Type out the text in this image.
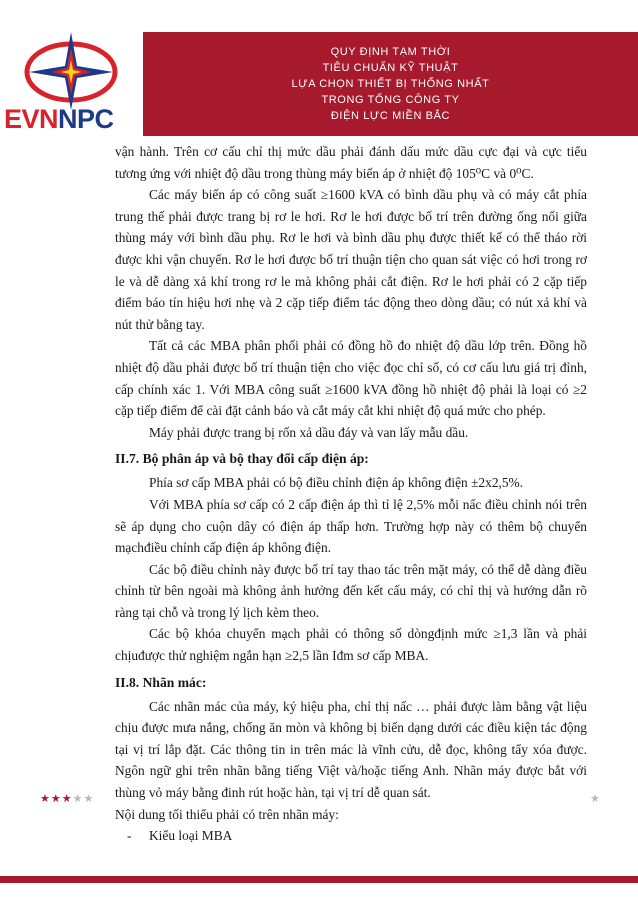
EVNNPC
QUY ĐỊNH TẠM THỜI
TIÊU CHUẨN KỸ THUẬT
LỰA CHỌN THIẾT BỊ THỐNG NHẤT
TRONG TỔNG CÔNG TY
ĐIỆN LỰC MIỀN BẮC

vận hành. Trên cơ cấu chỉ thị mức dầu phải đánh dấu mức dầu cực đại và cực tiểu tương ứng với nhiệt độ dầu trong thùng máy biến áp ở nhiệt độ 105⁰C và 0⁰C.

Các máy biến áp có công suất ≥1600 kVA có bình dầu phụ và có máy cắt phía trung thế phải được trang bị rơ le hơi. Rơ le hơi được bố trí trên đường ống nối giữa thùng máy với bình dầu phụ. Rơ le hơi và bình dầu phụ được thiết kế có thể tháo rời được khi vận chuyển. Rơ le hơi được bố trí thuận tiện cho quan sát việc có hơi trong rơ le và dễ dàng xả khí trong rơ le mà không phải cắt điện. Rơ le hơi phải có 2 cặp tiếp điểm báo tín hiệu hơi nhẹ và 2 cặp tiếp điểm tác động theo dòng dầu; có nút xả khí và nút thử bằng tay.

Tất cả các MBA phân phối phải có đồng hồ đo nhiệt độ dầu lớp trên. Đồng hồ nhiệt độ dầu phải được bố trí thuận tiện cho việc đọc chỉ số, có cơ cấu lưu giá trị đỉnh, cấp chính xác 1. Với MBA công suất ≥1600 kVA đồng hồ nhiệt độ phải là loại có ≥2 cặp tiếp điểm để cài đặt cảnh báo và cắt máy cắt khi nhiệt độ quá mức cho phép.

Máy phải được trang bị rốn xả dầu đáy và van lấy mẫu dầu.

II.7. Bộ phân áp và bộ thay đổi cấp điện áp:

Phía sơ cấp MBA phải có bộ điều chỉnh điện áp không điện ±2x2,5%.

Với MBA phía sơ cấp có 2 cấp điện áp thì tỉ lệ 2,5% mỗi nấc điều chỉnh nói trên sẽ áp dụng cho cuộn dây có điện áp thấp hơn. Trường hợp này có thêm bộ chuyển mạchđiều chỉnh cấp điện áp không điện.

Các bộ điều chỉnh này được bố trí tay thao tác trên mặt máy, có thể dễ dàng điều chỉnh từ bên ngoài mà không ảnh hưởng đến kết cấu máy, có chỉ thị và hướng dẫn rõ ràng tại chỗ và trong lý lịch kèm theo.

Các bộ khóa chuyển mạch phải có thông số dòngđịnh mức ≥1,3 lần và phải chịuđược thử nghiệm ngắn hạn ≥2,5 lần Iđm sơ cấp MBA.

II.8. Nhãn mác:

Các nhãn mác của máy, ký hiệu pha, chỉ thị nấc … phải được làm bằng vật liệu chịu được mưa nắng, chống ăn mòn và không bị biến dạng dưới các điều kiện tác động tại vị trí lắp đặt. Các thông tin in trên mác là vĩnh cửu, dễ đọc, không tẩy xóa được. Ngôn ngữ ghi trên nhãn bằng tiếng Việt và/hoặc tiếng Anh. Nhãn máy được bắt với thùng vỏ máy bằng đinh rút hoặc hàn, tại vị trí dễ quan sát.

Nội dung tối thiểu phải có trên nhãn máy:

-	Kiểu loại MBA
★★★★★	★
